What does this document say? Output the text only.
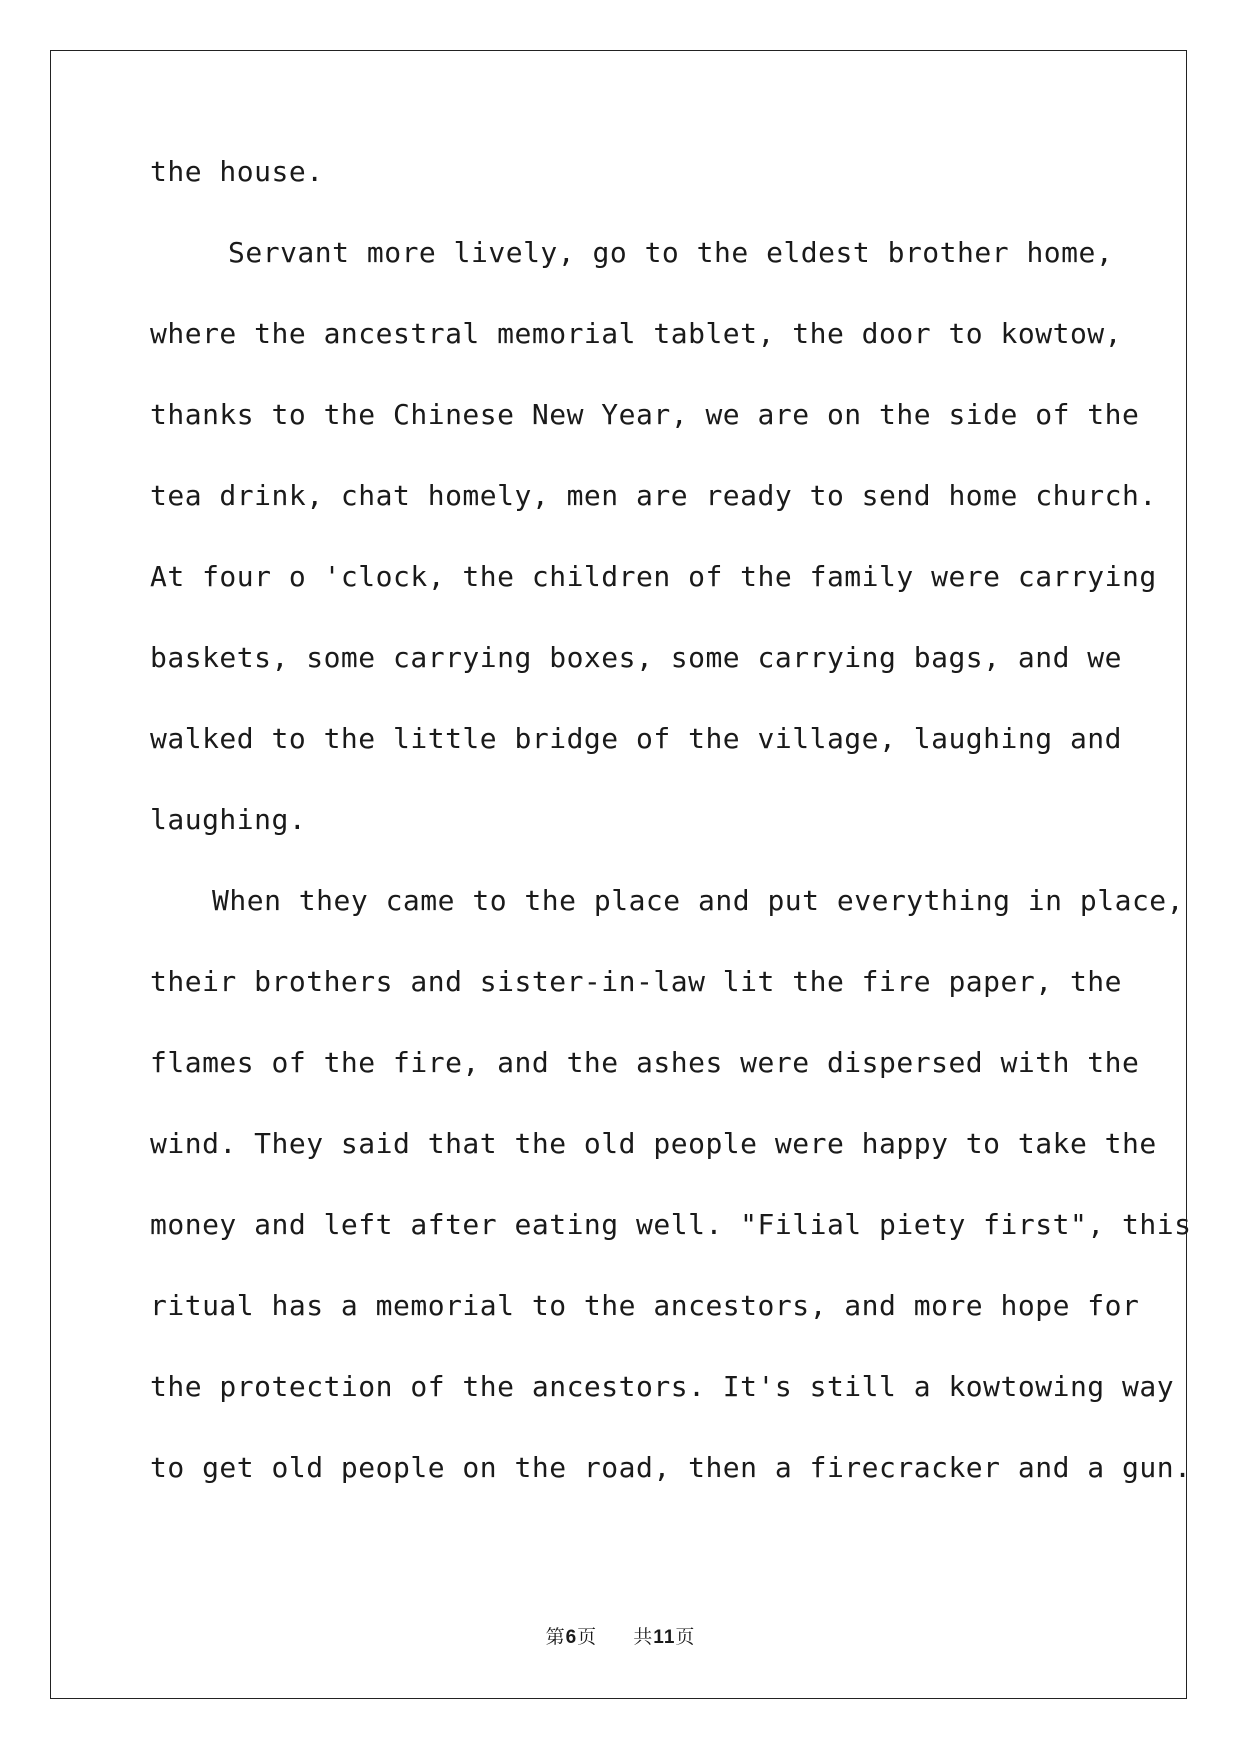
the house.
Servant more lively, go to the eldest brother home,
where the ancestral memorial tablet, the door to kowtow,
thanks to the Chinese New Year, we are on the side of the
tea drink, chat homely, men are ready to send home church.
At four o 'clock, the children of the family were carrying
baskets, some carrying boxes, some carrying bags, and we
walked to the little bridge of the village, laughing and
laughing.
When they came to the place and put everything in place,
their brothers and sister-in-law lit the fire paper, the
flames of the fire, and the ashes were dispersed with the
wind. They said that the old people were happy to take the
money and left after eating well. "Filial piety first", this
ritual has a memorial to the ancestors, and more hope for
the protection of the ancestors. It's still a kowtowing way
to get old people on the road, then a firecracker and a gun.
第6页 共11页
